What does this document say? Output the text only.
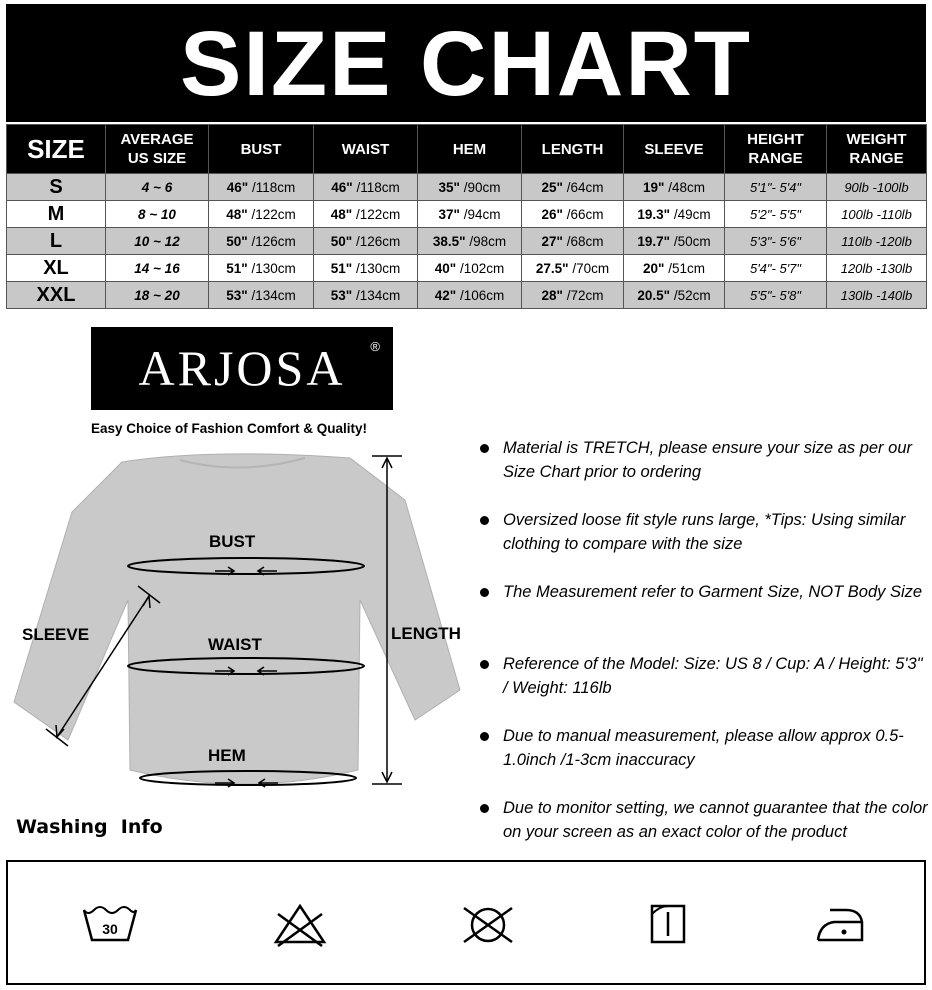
SIZE CHART
SIZE	AVERAGE US SIZE	BUST	WAIST	HEM	LENGTH	SLEEVE	HEIGHT RANGE	WEIGHT RANGE
S	4 ~ 6	46" /118cm	46" /118cm	35" /90cm	25" /64cm	19" /48cm	5'1"- 5'4"	90lb -100lb
M	8 ~ 10	48" /122cm	48" /122cm	37" /94cm	26" /66cm	19.3" /49cm	5'2"- 5'5"	100lb -110lb
L	10 ~ 12	50" /126cm	50" /126cm	38.5" /98cm	27" /68cm	19.7" /50cm	5'3"- 5'6"	110lb -120lb
XL	14 ~ 16	51" /130cm	51" /130cm	40" /102cm	27.5" /70cm	20" /51cm	5'4"- 5'7"	120lb -130lb
XXL	18 ~ 20	53" /134cm	53" /134cm	42" /106cm	28" /72cm	20.5" /52cm	5'5"- 5'8"	130lb -140lb
ARJOSA ®
Easy Choice of Fashion Comfort & Quality!
BUST
WAIST
HEM
SLEEVE	LENGTH
Material is TRETCH, please ensure your size as per our Size Chart prior to ordering
Oversized loose fit style runs large, *Tips: Using similar clothing to compare with the size
The Measurement refer to Garment Size, NOT Body Size
Reference of the Model: Size: US 8 / Cup: A / Height: 5'3" / Weight: 116lb
Due to manual measurement, please allow approx 0.5-1.0inch /1-3cm inaccuracy
Due to monitor setting, we cannot guarantee that the color on your screen as an exact color of the product
Washing  Info
30
